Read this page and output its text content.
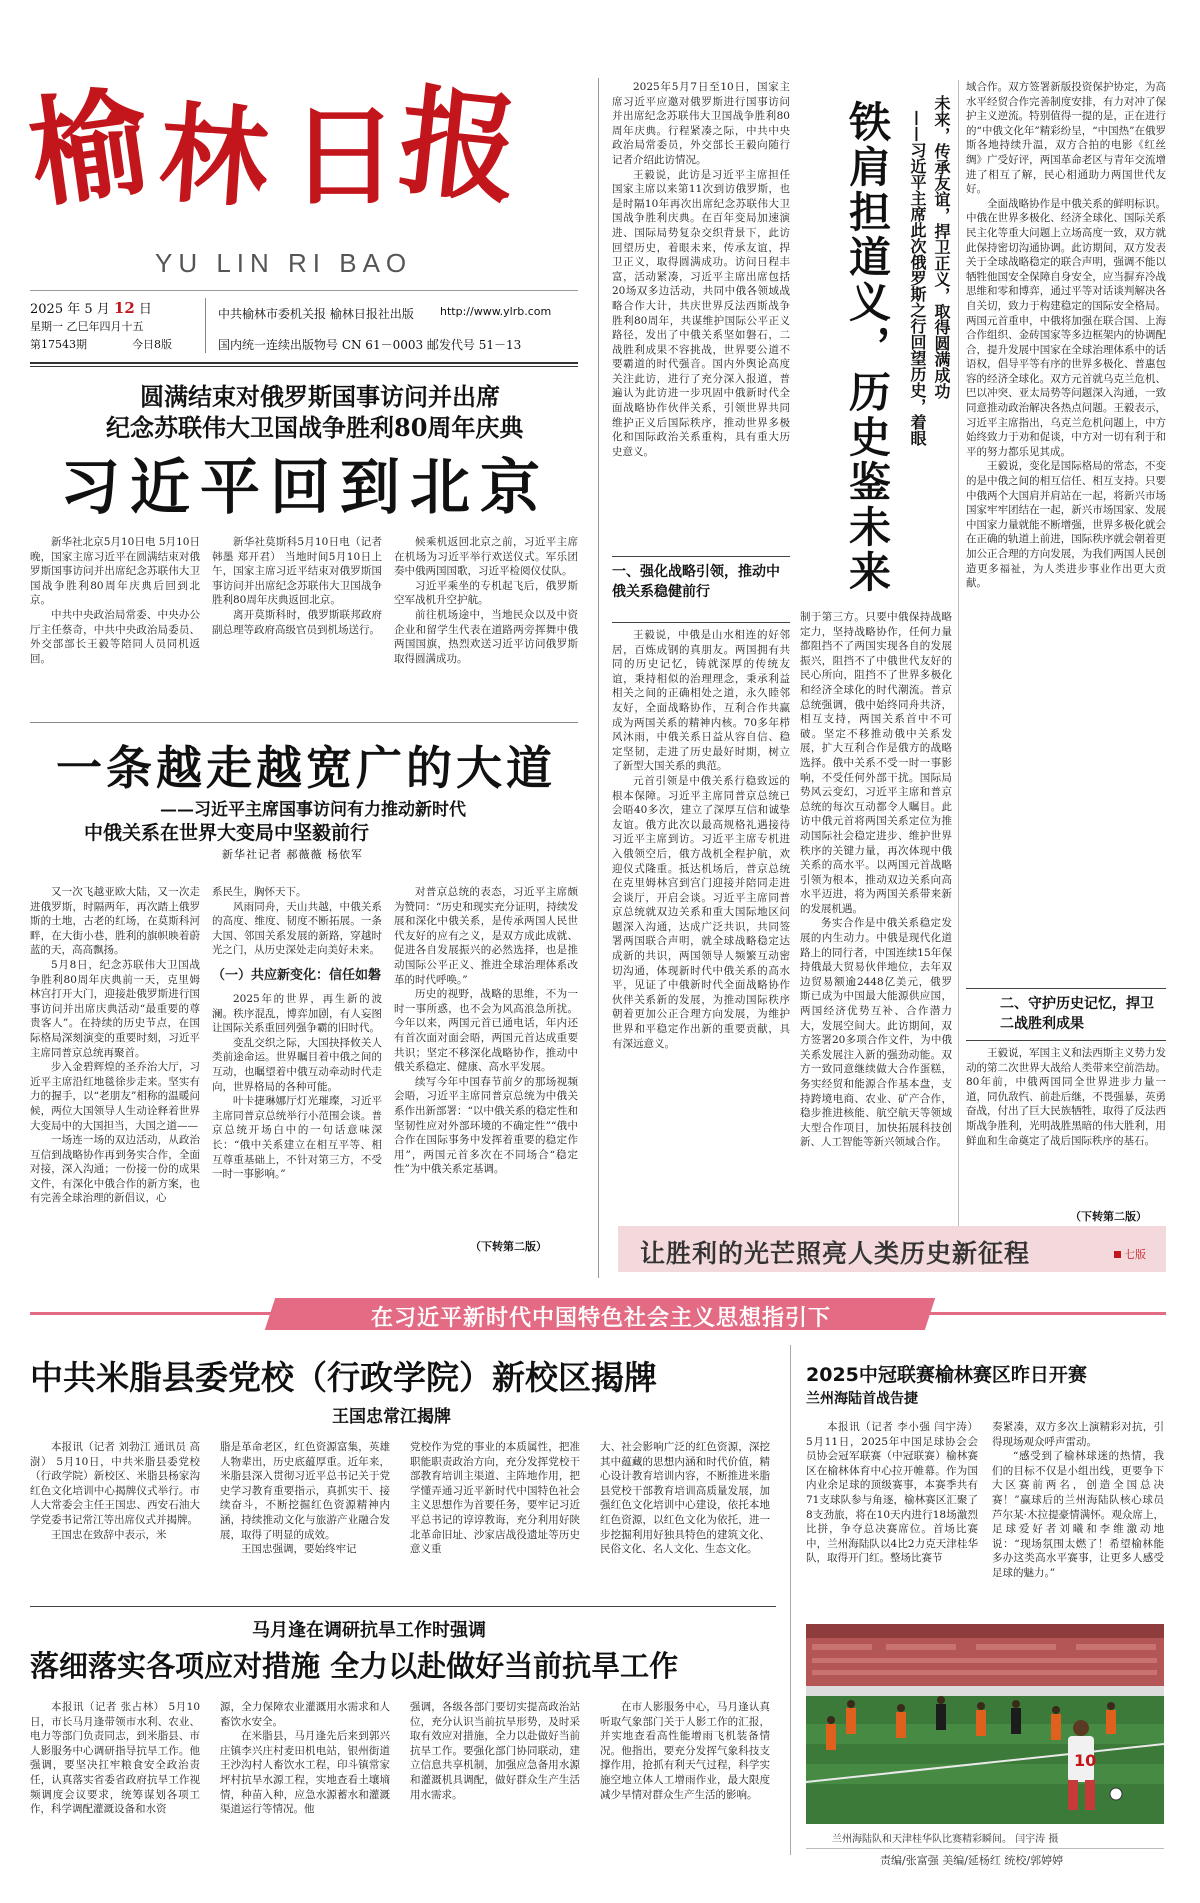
榆
林 日
报
YU LIN RI BAO
2025 年 5 月 12 日
星期一 乙巳年四月十五
第17543期	今日8版
中共榆林市委机关报 榆林日报社出版 http://www.ylrb.com
国内统一连续出版物号 CN 61－0003 邮发代号 51－13
圆满结束对俄罗斯国事访问并出席
纪念苏联伟大卫国战争胜利80周年庆典
习近平回到北京

新华社北京5月10日电 5月10日晚，国家主席习近平在圆满结束对俄罗斯国事访问并出席纪念苏联伟大卫国战争胜利80周年庆典后回到北京。

中共中央政治局常委、中央办公厅主任蔡奇，中共中央政治局委员、外交部部长王毅等陪同人员同机返回。

新华社莫斯科5月10日电（记者 韩墨 郑开君） 当地时间5月10日上午，国家主席习近平结束对俄罗斯国事访问并出席纪念苏联伟大卫国战争胜利80周年庆典返回北京。

离开莫斯科时，俄罗斯联邦政府副总理等政府高级官员到机场送行。

候乘机返回北京之前，习近平主席在机场为习近平举行欢送仪式。军乐团奏中俄两国国歌，习近平检阅仪仗队。

习近平乘坐的专机起飞后，俄罗斯空军战机升空护航。

前往机场途中，当地民众以及中资企业和留学生代表在道路两旁挥舞中俄两国国旗，热烈欢送习近平访问俄罗斯取得圆满成功。

一条越走越宽广的大道
——习近平主席国事访问有力推动新时代
中俄关系在世界大变局中坚毅前行
新华社记者 郝薇薇 杨依军

又一次飞越亚欧大陆，又一次走进俄罗斯，时隔两年，再次踏上俄罗斯的土地，古老的红场，在莫斯科河畔，在大街小巷，胜利的旗帜映着蔚蓝的天，高高飘扬。

5月8日，纪念苏联伟大卫国战争胜利80周年庆典前一天，克里姆林宫打开大门，迎接赴俄罗斯进行国事访问并出席庆典活动“最重要的尊贵客人”。在持续的历史节点，在国际格局深刻演变的重要时刻，习近平主席同普京总统再聚首。

步入金碧辉煌的圣乔治大厅，习近平主席沿红地毯徐步走来。坚实有力的握手，以“老朋友”相称的温暖问候，两位大国领导人生动诠释着世界大变局中的大国担当，大国之道——

一场连一场的双边活动，从政治互信到战略协作再到务实合作，全面对接，深入沟通；一份接一份的成果文件，有深化中俄合作的新方案，也有完善全球治理的新倡议，心

系民生，胸怀天下。

风雨同舟，天山共越，中俄关系的高度、维度、韧度不断拓展。一条大国、邻国关系发展的新路，穿越时光之门，从历史深处走向美好未来。

（一）共应新变化：信任如磐

2025年的世界，再生新的波澜。秩序混乱，博弈加剧，有人妄图让国际关系重回列强争霸的旧时代。

变乱交织之际，大国抉择攸关人类前途命运。世界瞩目着中俄之间的互动，也瞩望着中俄互动牵动时代走向，世界格局的各种可能。

叶卡捷琳娜厅灯光璀璨，习近平主席同普京总统举行小范围会谈。普京总统开场白中的一句话意味深长：“俄中关系建立在相互平等、相互尊重基础上，不针对第三方，不受一时一事影响。”

对普京总统的表态，习近平主席颇为赞同：“历史和现实充分证明，持续发展和深化中俄关系，是传承两国人民世代友好的应有之义，是双方成此成就、促进各自发展振兴的必然选择，也是推动国际公平正义、推进全球治理体系改革的时代呼唤。”

历史的视野，战略的思维，不为一时一事所惑，也不会为风高浪急所扰。今年以来，两国元首已通电话，年内还有首次面对面会晤，两国元首达成重要共识；坚定不移深化战略协作，推动中俄关系稳定、健康、高水平发展。

续写今年中国春节前夕的那场视频会晤，习近平主席同普京总统为中俄关系作出新部署：“以中俄关系的稳定性和坚韧性应对外部环境的不确定性”“俄中合作在国际事务中发挥着重要的稳定作用”，两国元首多次在不同场合“稳定性”为中俄关系定基调。

（下转第二版）

2025年5月7日至10日，国家主席习近平应邀对俄罗斯进行国事访问并出席纪念苏联伟大卫国战争胜利80周年庆典。行程紧凑之际，中共中央政治局常委员，外交部长王毅向随行记者介绍此访情况。

王毅说，此访是习近平主席担任国家主席以来第11次到访俄罗斯，也是时隔10年再次出席纪念苏联伟大卫国战争胜利庆典。在百年变局加速演进、国际局势复杂交织背景下，此访回望历史，着眼未来，传承友谊，捍卫正义，取得圆满成功。访问日程丰富，活动紧凑，习近平主席出席包括20场双多边活动，共同中俄各领域战略合作大计，共庆世界反法西斯战争胜利80周年，共谋维护国际公平正义路径，发出了中俄关系坚如磐石，二战胜利成果不容挑战，世界要公道不要霸道的时代强音。国内外舆论高度关注此访，进行了充分深入报道，普遍认为此访进一步巩固中俄新时代全面战略协作伙伴关系，引领世界共同维护正义后国际秩序，推动世界多极化和国际政治关系重构，具有重大历史意义。	铁肩担道义，历史鉴未来	未来，传承友谊，捍卫正义，取得圆满成功
——习近平主席此次俄罗斯之行回望历史，着眼
一、强化战略引领，推动中俄关系稳健前行

王毅说，中俄是山水相连的好邻居，百炼成钢的真朋友。两国拥有共同的历史记忆，铸就深厚的传统友谊，秉持相似的治理理念，秉承利益相关之间的正确相处之道，永久睦邻友好，全面战略协作，互利合作共赢成为两国关系的精神内核。70多年栉风沐雨，中俄关系日益从容自信、稳定坚韧，走进了历史最好时期，树立了新型大国关系的典范。

元首引领是中俄关系行稳致远的根本保障。习近平主席同普京总统已会晤40多次，建立了深厚互信和诚挚友谊。俄方此次以最高规格礼遇接待习近平主席到访。习近平主席专机进入俄领空后，俄方战机全程护航，欢迎仪式隆重。抵达机场后，普京总统在克里姆林宫到宫门迎接并陪同走进会谈厅，开启会谈。习近平主席同普京总统就双边关系和重大国际地区问题深入沟通，达成广泛共识，共同签署两国联合声明，就全球战略稳定达成新的共识，两国领导人频繁互动密切沟通，体现新时代中俄关系的高水平，见证了中俄新时代全面战略协作伙伴关系新的发展，为推动国际秩序朝着更加公正合理方向发展，为维护世界和平稳定作出新的重要贡献，具有深远意义。

制于第三方。只要中俄保持战略定力，坚持战略协作，任何力量都阻挡不了两国实现各自的发展振兴，阻挡不了中俄世代友好的民心所向，阻挡不了世界多极化和经济全球化的时代潮流。普京总统强调，俄中始终同舟共济，相互支持，两国关系首中不可破。坚定不移推动俄中关系发展，扩大互利合作是俄方的战略选择。俄中关系不受一时一事影响，不受任何外部干扰。国际局势风云变幻，习近平主席和普京总统的每次互动都令人瞩目。此访中俄元首将两国关系定位为推动国际社会稳定进步、维护世界秩序的关键力量，再次体现中俄关系的高水平。以两国元首战略引领为根本，推动双边关系向高水平迈进，将为两国关系带来新的发展机遇。

务实合作是中俄关系稳定发展的内生动力。中俄是现代化道路上的同行者，中国连续15年保持俄最大贸易伙伴地位，去年双边贸易额逾2448亿美元，俄罗斯已成为中国最大能源供应国，两国经济优势互补、合作潜力大，发展空间大。此访期间，双方签署20多项合作文件，为中俄关系发展注入新的强劲动能。双方一致同意继续做大合作蛋糕，务实经贸和能源合作基本盘，支持跨境电商、农业、矿产合作，稳步推进核能、航空航天等领域大型合作项目，加快拓展科技创新、人工智能等新兴领域合作。

域合作。双方签署新版投资保护协定，为高水平经贸合作完善制度安排，有力对冲了保护主义逆流。特别值得一提的是，正在进行的“中俄文化年”精彩纷呈，“中国热”在俄罗斯各地持续升温，双方合拍的电影《红丝绸》广受好评，两国革命老区与青年交流增进了相互了解，民心相通助力两国世代友好。

全面战略协作是中俄关系的鲜明标识。中俄在世界多极化、经济全球化、国际关系民主化等重大问题上立场高度一致，双方就此保持密切沟通协调。此访期间，双方发表关于全球战略稳定的联合声明，强调不能以牺牲他国安全保障自身安全，应当摒弃冷战思维和零和博弈，通过平等对话谈判解决各自关切，致力于构建稳定的国际安全格局。两国元首重申，中俄将加强在联合国、上海合作组织、金砖国家等多边框架内的协调配合，提升发展中国家在全球治理体系中的话语权，倡导平等有序的世界多极化、普惠包容的经济全球化。双方元首就乌克兰危机、巴以冲突、亚太局势等问题深入沟通，一致同意推动政治解决各热点问题。王毅表示，习近平主席指出，乌克兰危机问题上，中方始终致力于劝和促谈，中方对一切有利于和平的努力都乐见其成。

王毅说，变化是国际格局的常态，不变的是中俄之间的相互信任、相互支持。只要中俄两个大国肩并肩站在一起，将新兴市场国家牢牢团结在一起，新兴市场国家、发展中国家力量就能不断增强，世界多极化就会在正确的轨道上前进，国际秩序就会朝着更加公正合理的方向发展，为我们两国人民创造更多福祉，为人类进步事业作出更大贡献。

二、守护历史记忆，捍卫二战胜利成果

王毅说，军国主义和法西斯主义势力发动的第二次世界大战给人类带来空前浩劫。80年前，中俄两国同全世界进步力量一道，同仇敌忾、前赴后继，不畏强暴，英勇奋战，付出了巨大民族牺牲，取得了反法西斯战争胜利，光明战胜黑暗的伟大胜利，用鲜血和生命奠定了战后国际秩序的基石。

（下转第二版）
让胜利的光芒照亮人类历史新征程	七版
在习近平新时代中国特色社会主义思想指引下
中共米脂县委党校（行政学院）新校区揭牌
王国忠常江揭牌

本报讯（记者 刘勃江 通讯员 高澍） 5月10日，中共米脂县委党校（行政学院）新校区、米脂县杨家沟红色文化培训中心揭牌仪式举行。市人大常委会主任王国忠、西安石油大学党委书记常江等出席仪式并揭牌。

王国忠在致辞中表示，米

脂是革命老区，红色资源富集，英雄人物辈出，历史底蕴厚重。近年来，米脂县深入贯彻习近平总书记关于党史学习教育重要指示，真抓实干、接续奋斗，不断挖掘红色资源精神内涵，持续推动文化与旅游产业融合发展，取得了明显的成效。

王国忠强调，要始终牢记

党校作为党的事业的本质属性，把准职能职责政治方向，充分发挥党校干部教育培训主渠道、主阵地作用，把学懂弄通习近平新时代中国特色社会主义思想作为首要任务，要牢记习近平总书记的谆谆教诲，充分利用好陕北革命旧址、沙家店战役遗址等历史意义重

大、社会影响广泛的红色资源，深挖其中蕴藏的思想内涵和时代价值，精心设计教育培训内容，不断推进米脂县党校干部教育培训高质量发展，加强红色文化培训中心建设，依托本地红色资源，以红色文化为依托，进一步挖掘利用好独具特色的建筑文化、民俗文化、名人文化、生态文化。

马月逢在调研抗旱工作时强调
落细落实各项应对措施 全力以赴做好当前抗旱工作

本报讯（记者 张占林） 5月10日，市长马月逢带领市水利、农业、电力等部门负责同志，到米脂县、市人影服务中心调研指导抗旱工作。他强调，要坚决扛牢粮食安全政治责任，认真落实省委省政府抗旱工作视频调度会议要求，统筹谋划各项工作，科学调配灌溉设备和水资

源，全力保障农业灌溉用水需求和人畜饮水安全。

在米脂县，马月逢先后来到郭兴庄镇李兴庄村麦田机电站，银州街道王沙沟村人畜饮水工程，印斗镇常家坪村抗旱水源工程，实地查看土壤墒情，种苗入种，应急水源蓄水和灌溉渠道运行等情况。他

强调，各级各部门要切实提高政治站位，充分认识当前抗旱形势，及时采取有效应对措施，全力以赴做好当前抗旱工作。要强化部门协同联动，建立信息共享机制，加强应急备用水源和灌溉机具调配，做好群众生产生活用水需求。

在市人影服务中心，马月逢认真听取气象部门关于人影工作的汇报，并实地查看高性能增雨飞机装备情况。他指出，要充分发挥气象科技支撑作用，抢抓有利天气过程，科学实施空地立体人工增雨作业，最大限度减少旱情对群众生产生活的影响。

2025中冠联赛榆林赛区昨日开赛
兰州海陆首战告捷

本报讯（记者 李小强 闫宇涛） 5月11日，2025年中国足球协会会员协会冠军联赛（中冠联赛）榆林赛区在榆林体育中心拉开帷幕。作为国内业余足球的顶级赛事，本赛季共有71支球队参与角逐，榆林赛区汇聚了8支劲旅，将在10天内进行18场激烈比拼，争夺总决赛席位。首场比赛中，兰州海陆队以4比2力克天津桂华队，取得开门红。整场比赛节

奏紧凑，双方多次上演精彩对抗，引得现场观众呼声雷动。

“感受到了榆林球迷的热情，我们的目标不仅是小组出线，更要争下大区赛前两名，创造全国总决赛！”赢球后的兰州海陆队核心球员芦尔某·木拉提豪情满怀。观众席上，足球爱好者刘曦和李维激动地说：“现场氛围太燃了！希望榆林能多办这类高水平赛事，让更多人感受足球的魅力。”

10
兰州海陆队和天津桂华队比赛精彩瞬间。 闫宇涛 摄
责编/张富强 美编/延杨红 统校/郭婷婷
